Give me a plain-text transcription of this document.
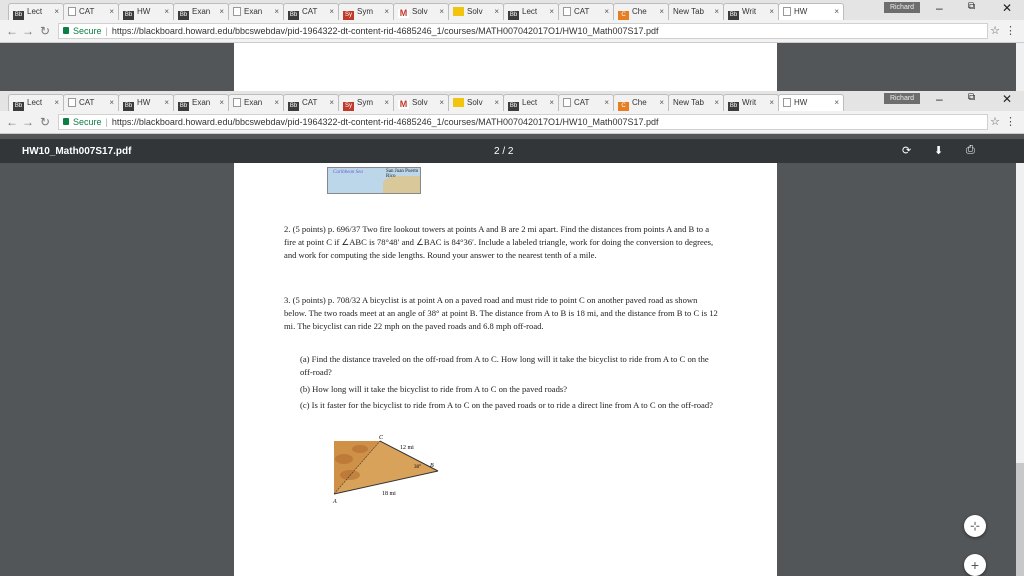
Bb Lect ×	CAT ×	Bb HW ×	Bb Exan ×	Exan ×	Bb CAT ×	Sy Sym ×	M Solv ×	Solv ×	Bb Lect ×	CAT ×	C Che ×	New Tab ×	Bb Writ ×	HW	×	Richard	–	⧉ ✕
← → ↻	Secure | https://blackboard.howard.edu/bbcswebdav/pid-1964322-dt-content-rid-4685246_1/courses/MATH007042017O1/HW10_Math007S17.pdf	☆ ⋮
Bb Lect ×	CAT ×	Bb HW ×	Bb Exan ×	Exan ×	Bb CAT ×	Sy Sym ×	M Solv ×	Solv ×	Bb Lect ×	CAT ×	C Che ×	New Tab ×	Bb Writ ×	HW	×	Richard	–	⧉ ✕
← → ↻	Secure | https://blackboard.howard.edu/bbcswebdav/pid-1964322-dt-content-rid-4685246_1/courses/MATH007042017O1/HW10_Math007S17.pdf	☆ ⋮
HW10_Math007S17.pdf	2 / 2	⟳ ⬇ ⎙
Caribbean Sea	San Juan Puerto Rico
2. (5 points) p. 696/37 Two fire lookout towers at points A and B are 2 mi apart. Find the distances from points A and B to a fire at point C if ∠ABC is 78°48′ and ∠BAC is 84°36′. Include a labeled triangle, work for doing the conversion to degrees, and work for computing the side lengths. Round your answer to the nearest tenth of a mile.
3. (5 points) p. 708/32 A bicyclist is at point A on a paved road and must ride to point C on another paved road as shown below. The two roads meet at an angle of 38° at point B. The distance from A to B is 18 mi, and the distance from B to C is 12 mi. The bicyclist can ride 22 mph on the paved roads and 6.8 mph off-road.
(a) Find the distance traveled on the off-road from A to C. How long will it take the bicyclist to ride from A to C on the off-road?
(b) How long will it take the bicyclist to ride from A to C on the paved roads?
(c) Is it faster for the bicyclist to ride from A to C on the paved roads or to ride a direct line from A to C on the off-road?
C
A
B
12 mi
18 mi
38°
⊹
+
